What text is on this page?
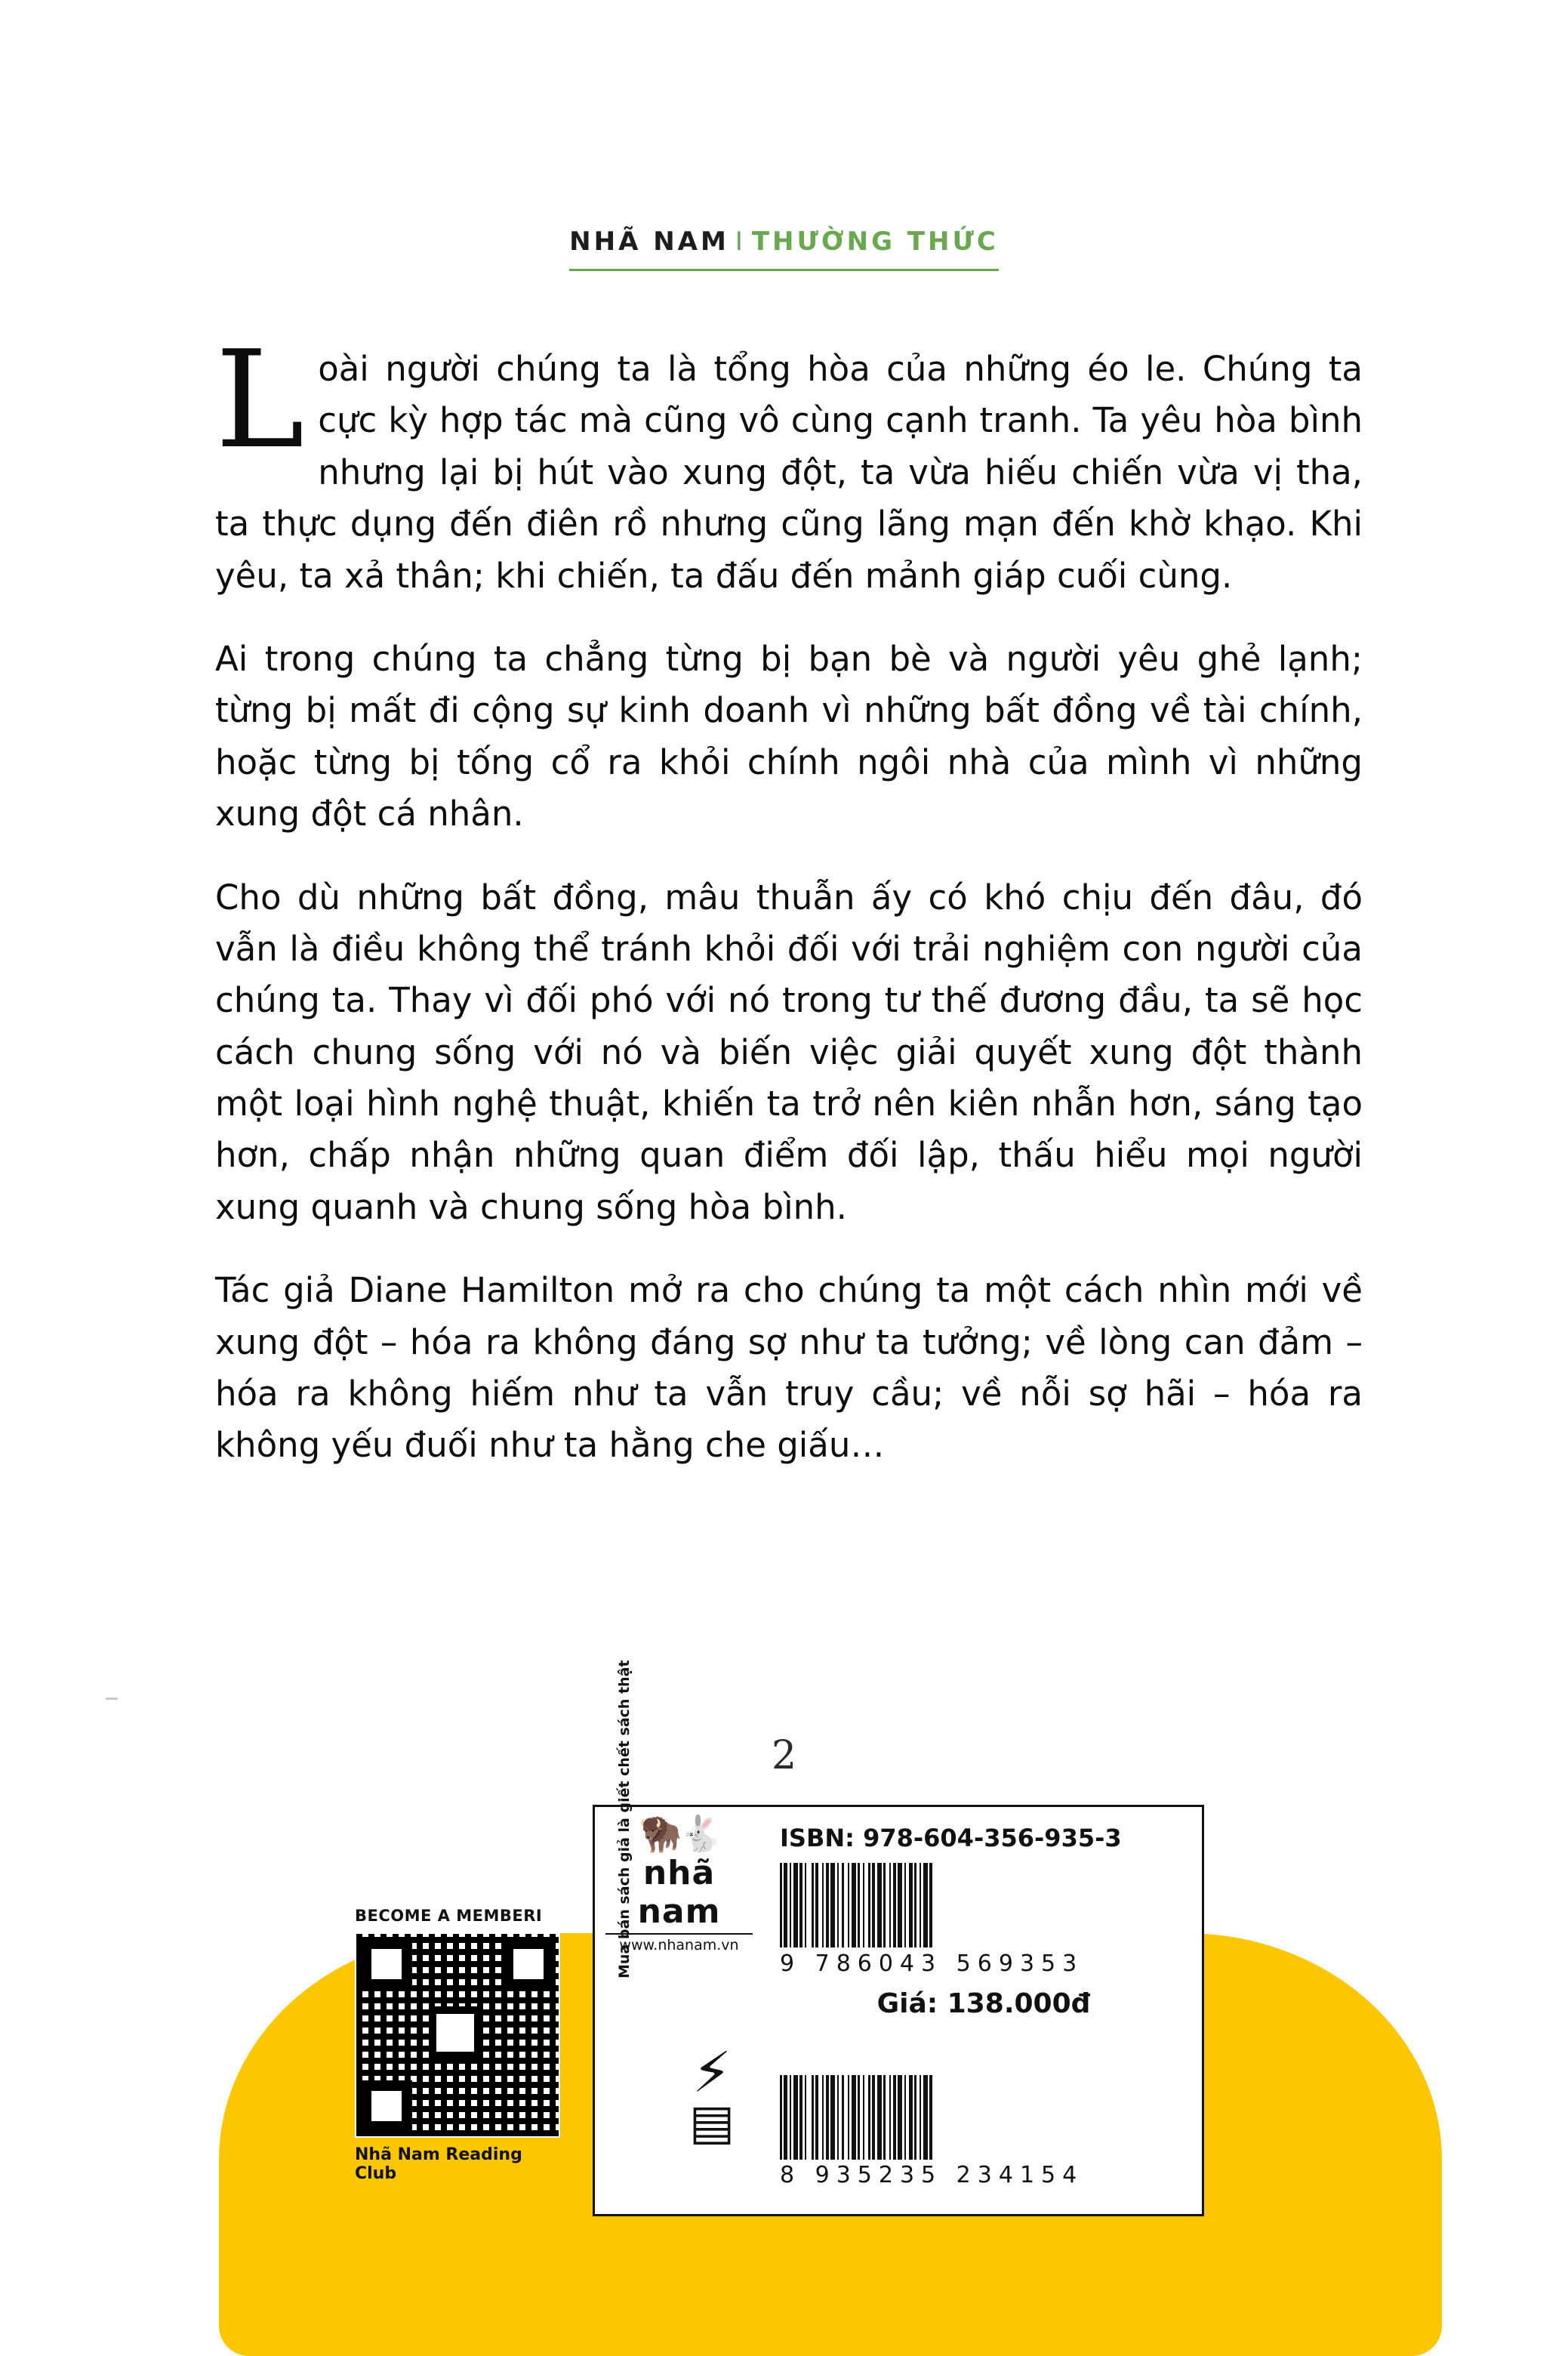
NHÃ NAM I THƯỜNG THỨC

Loài người chúng ta là tổng hòa của những éo le. Chúng ta cực kỳ hợp tác mà cũng vô cùng cạnh tranh. Ta yêu hòa bình nhưng lại bị hút vào xung đột, ta vừa hiếu chiến vừa vị tha, ta thực dụng đến điên rồ nhưng cũng lãng mạn đến khờ khạo. Khi yêu, ta xả thân; khi chiến, ta đấu đến mảnh giáp cuối cùng.

Ai trong chúng ta chẳng từng bị bạn bè và người yêu ghẻ lạnh; từng bị mất đi cộng sự kinh doanh vì những bất đồng về tài chính, hoặc từng bị tống cổ ra khỏi chính ngôi nhà của mình vì những xung đột cá nhân.

Cho dù những bất đồng, mâu thuẫn ấy có khó chịu đến đâu, đó vẫn là điều không thể tránh khỏi đối với trải nghiệm con người của chúng ta. Thay vì đối phó với nó trong tư thế đương đầu, ta sẽ học cách chung sống với nó và biến việc giải quyết xung đột thành một loại hình nghệ thuật, khiến ta trở nên kiên nhẫn hơn, sáng tạo hơn, chấp nhận những quan điểm đối lập, thấu hiểu mọi người xung quanh và chung sống hòa bình.

Tác giả Diane Hamilton mở ra cho chúng ta một cách nhìn mới về xung đột – hóa ra không đáng sợ như ta tưởng; về lòng can đảm – hóa ra không hiếm như ta vẫn truy cầu; về nỗi sợ hãi – hóa ra không yếu đuối như ta hằng che giấu…

2
BECOME A MEMBERI
Nhã Nam Reading Club
🦬🐇
nhã nam
www.nhanam.vn
Mua bán sách giả là giết chết sách thật
⚡
▤
ISBN: 978-604-356-935-3
9 786043 569353
Giá: 138.000đ
8 935235 234154
